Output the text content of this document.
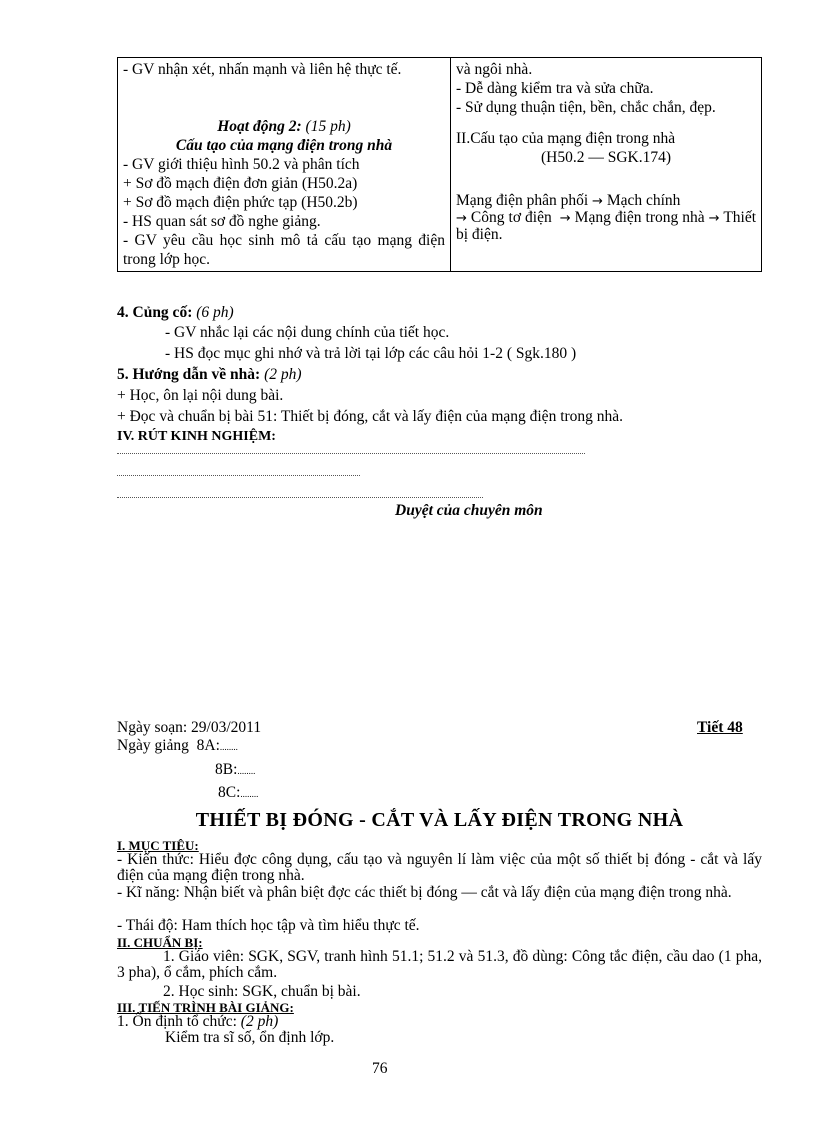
- GV nhận xét, nhấn mạnh và liên hệ thực tế.
Hoạt động 2: (15 ph)
Cấu tạo của mạng điện trong nhà
- GV giới thiệu hình 50.2 và phân tích
+ Sơ đồ mạch điện đơn giản (H50.2a)
+ Sơ đồ mạch điện phức tạp (H50.2b)
- HS quan sát sơ đồ nghe giảng.
- GV yêu cầu học sinh mô tả cấu tạo mạng điện trong lớp học.

và ngôi nhà.
- Dễ dàng kiểm tra và sửa chữa.
- Sử dụng thuận tiện, bền, chắc chắn, đẹp.
II.Cấu tạo của mạng điện trong nhà
(H50.2 — SGK.174)
Mạng điện phân phối → Mạch chính
→ Công tơ điện → Mạng điện trong nhà → Thiết bị điện.
4. Củng cố: (6 ph)
- GV nhắc lại các nội dung chính của tiết học.
- HS đọc mục ghi nhớ và trả lời tại lớp các câu hỏi 1-2 ( Sgk.180 )
5. Hướng dẫn về nhà: (2 ph)
+ Học, ôn lại nội dung bài.
+ Đọc và chuẩn bị bài 51: Thiết bị đóng, cắt và lấy điện của mạng điện trong nhà.
IV. RÚT KINH NGHIỆM:
Duyệt của chuyên môn
Ngày soạn: 29/03/2011	Tiết 48
Ngày giảng 8A:........
8B:........
8C:........
THIẾT BỊ ĐÓNG - CẮT VÀ LẤY ĐIỆN TRONG NHÀ
I. MỤC TIÊU:
- Kiến thức: Hiểu đợc công dụng, cấu tạo và nguyên lí làm việc của một số thiết bị đóng - cắt và lấy điện của mạng điện trong nhà.
- Kĩ năng: Nhận biết và phân biệt đợc các thiết bị đóng — cắt và lấy điện của mạng điện trong nhà.
- Thái độ: Ham thích học tập và tìm hiểu thực tế.
II. CHUẨN BỊ:
1. Giáo viên: SGK, SGV, tranh hình 51.1; 51.2 và 51.3, đồ dùng: Công tắc điện, cầu dao (1 pha, 3 pha), ổ cắm, phích cắm.
2. Học sinh: SGK, chuẩn bị bài.
III. TIẾN TRÌNH BÀI GIẢNG:
1. Ổn định tổ chức: (2 ph)
Kiểm tra sĩ số, ổn định lớp.
76
